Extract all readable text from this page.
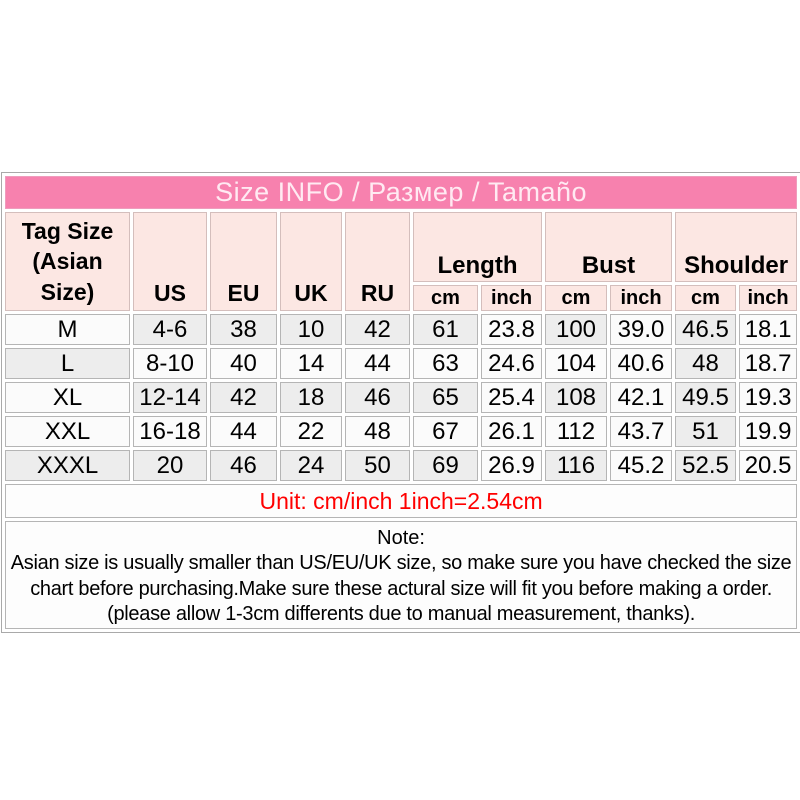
Size INFO / Размер / Tamaño										

Tag Size
(Asian
Size)	US	EU	UK	RU	Length		Bust		Shoulder	
					cm	inch	cm	inch	cm	inch
M	4-6	38	10	42	61	23.8	100	39.0	46.5	18.1
L	8-10	40	14	44	63	24.6	104	40.6	48	18.7
XL	12-14	42	18	46	65	25.4	108	42.1	49.5	19.3
XXL	16-18	44	22	48	67	26.1	112	43.7	51	19.9
XXXL	20	46	24	50	69	26.9	116	45.2	52.5	20.5
Unit: cm/inch 1inch=2.54cm										

Note:
Asian size is usually smaller than US/EU/UK size, so make sure you have checked the size chart before purchasing.Make sure these actural size will fit you before making a order.(please allow 1-3cm differents due to manual measurement, thanks).										
